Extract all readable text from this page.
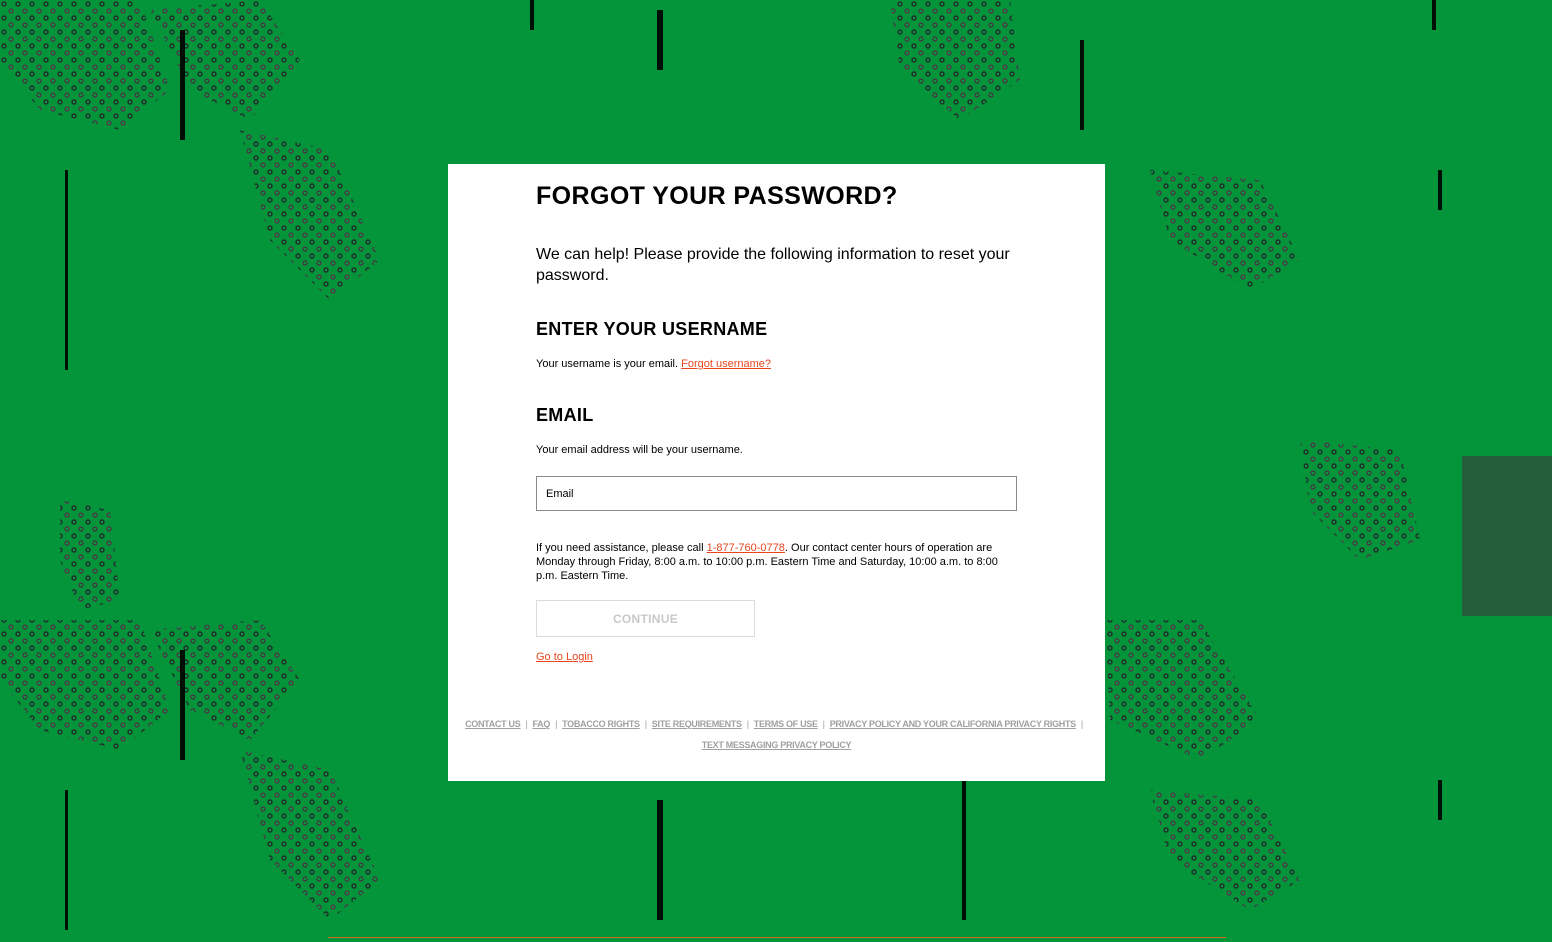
FORGOT YOUR PASSWORD?

We can help! Please provide the following information to reset your password.

ENTER YOUR USERNAME

Your username is your email. Forgot username?

EMAIL

Your email address will be your username.

Email

If you need assistance, please call 1-877-760-0778. Our contact center hours of operation are Monday through Friday, 8:00 a.m. to 10:00 p.m. Eastern Time and Saturday, 10:00 a.m. to 8:00 p.m. Eastern Time.

CONTINUE
Go to Login
CONTACT US | FAQ | TOBACCO RIGHTS | SITE REQUIREMENTS | TERMS OF USE | PRIVACY POLICY AND YOUR CALIFORNIA PRIVACY RIGHTS |
TEXT MESSAGING PRIVACY POLICY
